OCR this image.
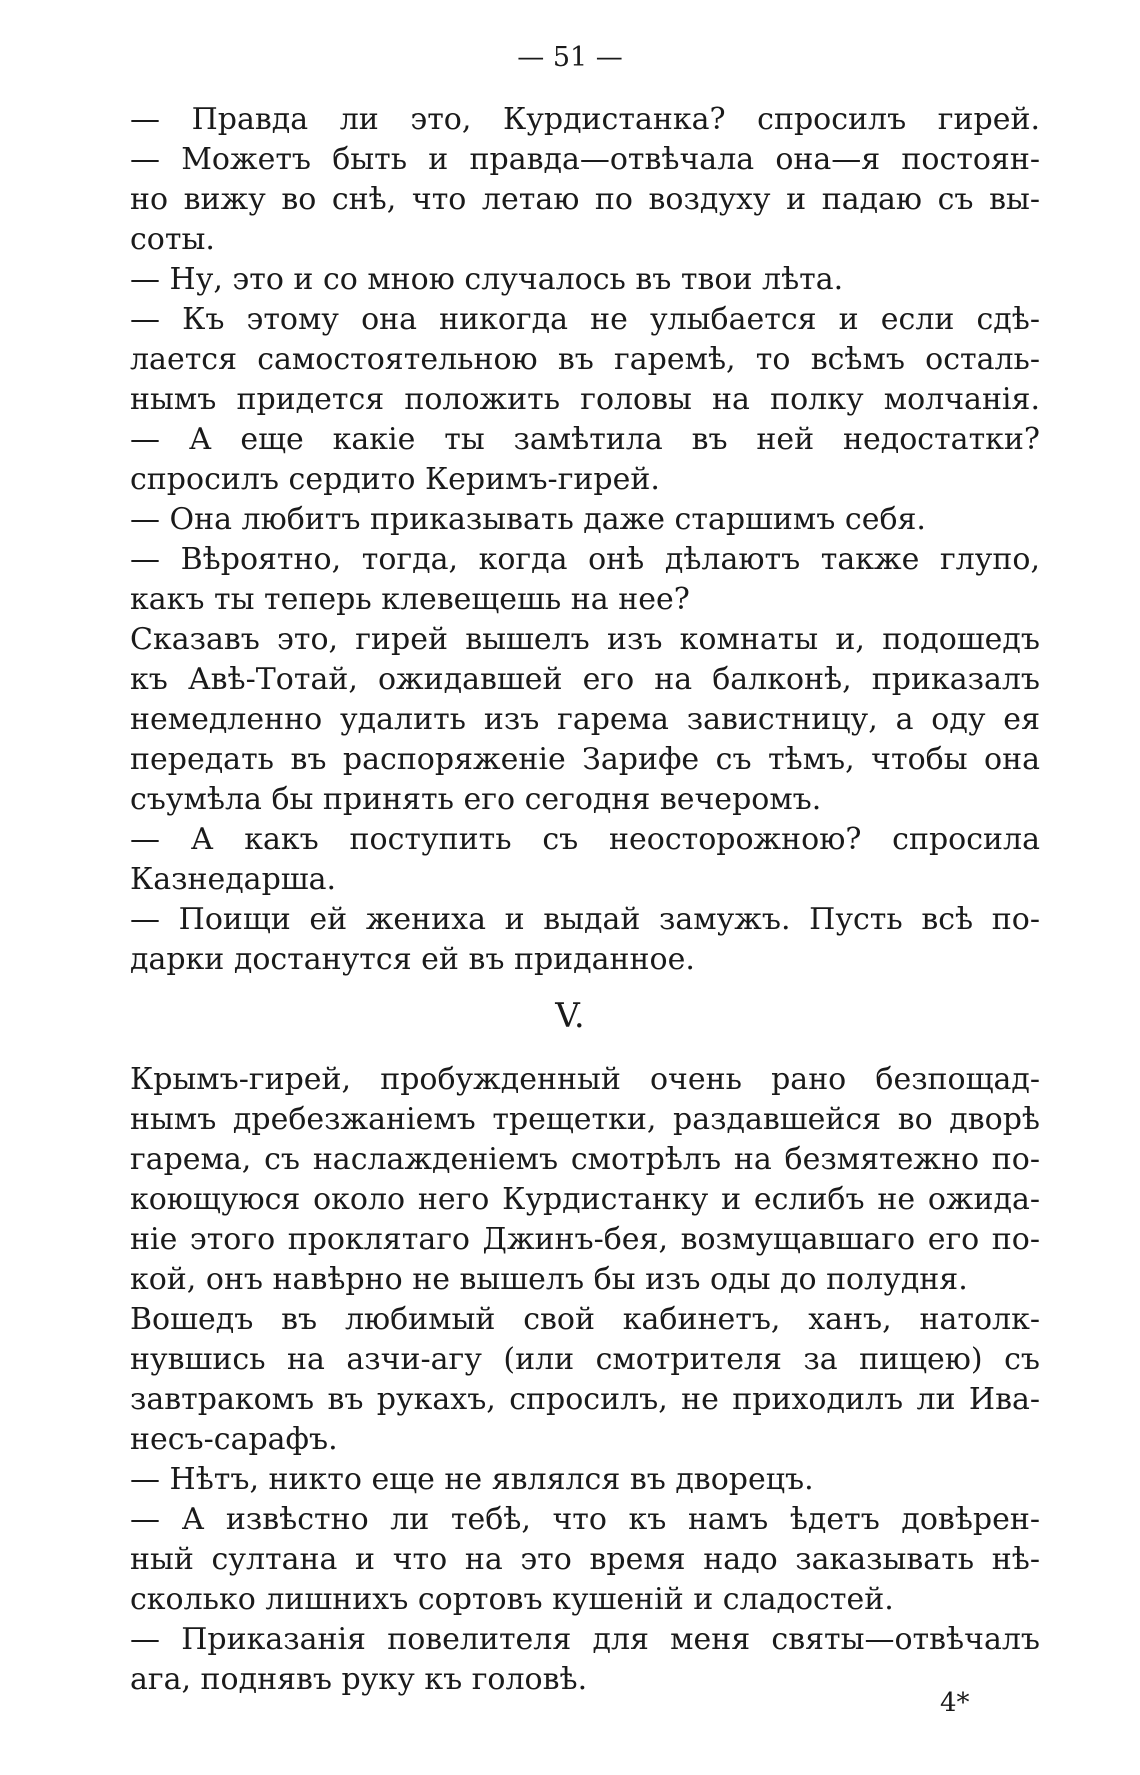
— 51 —
— Правда ли это, Курдистанка? спросилъ гирей.
— Можетъ быть и правда—отвѣчала она—я постоян-
но вижу во снѣ, что летаю по воздуху и падаю съ вы-
соты.
— Ну, это и со мною случалось въ твои лѣта.
— Къ этому она никогда не улыбается и если сдѣ-
лается самостоятельною въ гаремѣ, то всѣмъ осталь-
нымъ придется положить головы на полку молчанія.
— А еще какіе ты замѣтила въ ней недостатки?
спросилъ сердито Керимъ-гирей.
— Она любитъ приказывать даже старшимъ себя.
— Вѣроятно, тогда, когда онѣ дѣлаютъ также глупо,
какъ ты теперь клевещешь на нее?
Сказавъ это, гирей вышелъ изъ комнаты и, подошедъ
къ Авѣ-Тотай, ожидавшей его на балконѣ, приказалъ
немедленно удалить изъ гарема завистницу, а оду ея
передать въ распоряженіе Зарифе съ тѣмъ, чтобы она
съумѣла бы принять его сегодня вечеромъ.
— А какъ поступить съ неосторожною? спросила
Казнедарша.
— Поищи ей жениха и выдай замужъ. Пусть всѣ по-
дарки достанутся ей въ приданное.
V.
Крымъ-гирей, пробужденный очень рано безпощад-
нымъ дребезжаніемъ трещетки, раздавшейся во дворѣ
гарема, съ наслажденіемъ смотрѣлъ на безмятежно по-
коющуюся около него Курдистанку и еслибъ не ожида-
ніе этого проклятаго Джинъ-бея, возмущавшаго его по-
кой, онъ навѣрно не вышелъ бы изъ оды до полудня.
Вошедъ въ любимый свой кабинетъ, ханъ, натолк-
нувшись на азчи-агу (или смотрителя за пищею) съ
завтракомъ въ рукахъ, спросилъ, не приходилъ ли Ива-
несъ-сарафъ.
— Нѣтъ, никто еще не являлся въ дворецъ.
— А извѣстно ли тебѣ, что къ намъ ѣдетъ довѣрен-
ный султана и что на это время надо заказывать нѣ-
сколько лишнихъ сортовъ кушеній и сладостей.
— Приказанія повелителя для меня святы—отвѣчалъ
ага, поднявъ руку къ головѣ.
4*
